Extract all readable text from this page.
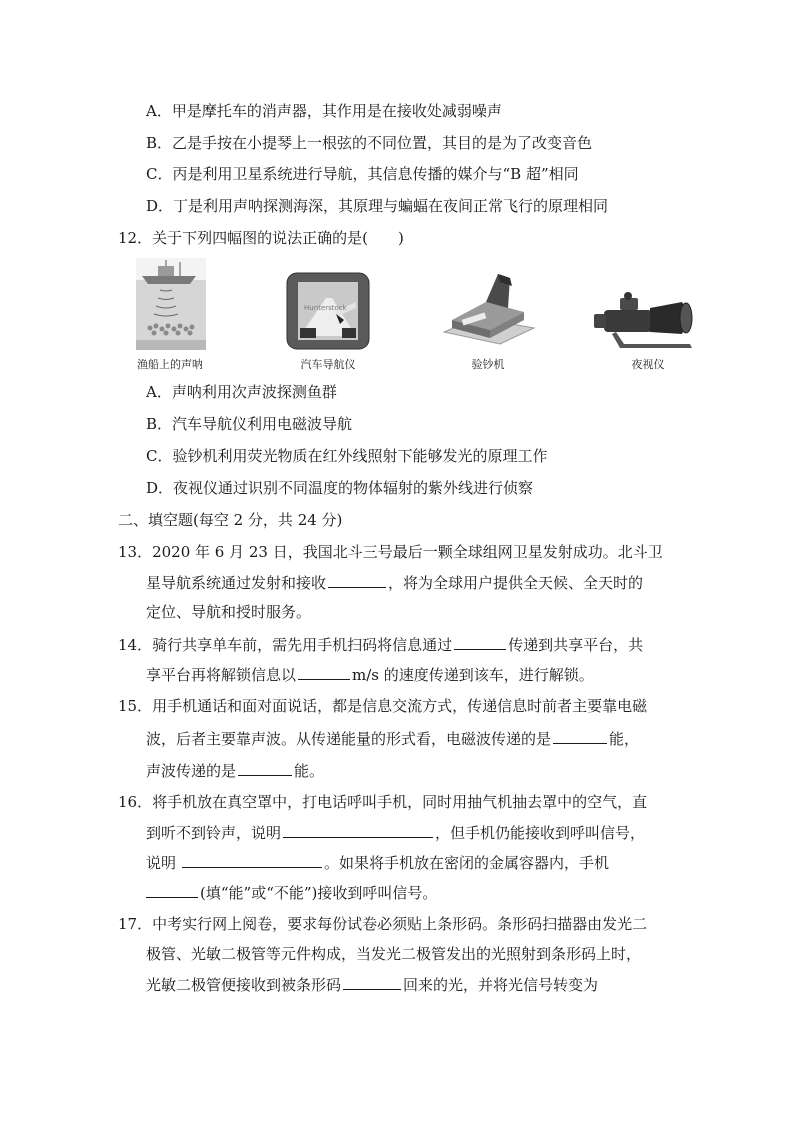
A．甲是摩托车的消声器，其作用是在接收处减弱噪声
B．乙是手按在小提琴上一根弦的不同位置，其目的是为了改变音色
C．丙是利用卫星系统进行导航，其信息传播的媒介与“B 超”相同
D．丁是利用声呐探测海深，其原理与蝙蝠在夜间正常飞行的原理相同
12．关于下列四幅图的说法正确的是(　　)
渔船上的声呐
Hunterstock
汽车导航仪	验钞机	夜视仪
A．声呐利用次声波探测鱼群
B．汽车导航仪利用电磁波导航
C．验钞机利用荧光物质在红外线照射下能够发光的原理工作
D．夜视仪通过识别不同温度的物体辐射的紫外线进行侦察
二、填空题(每空 2 分，共 24 分)
13．2020 年 6 月 23 日，我国北斗三号最后一颗全球组网卫星发射成功。北斗卫
星导航系统通过发射和接收	，将为全球用户提供全天候、全天时的
定位、导航和授时服务。
14．骑行共享单车前，需先用手机扫码将信息通过	传递到共享平台，共
享平台再将解锁信息以	m/s 的速度传递到该车，进行解锁。
15．用手机通话和面对面说话，都是信息交流方式，传递信息时前者主要靠电磁
波，后者主要靠声波。从传递能量的形式看，电磁波传递的是	能，
声波传递的是	能。
16．将手机放在真空罩中，打电话呼叫手机，同时用抽气机抽去罩中的空气，直
到听不到铃声，说明	，但手机仍能接收到呼叫信号，
说明	。如果将手机放在密闭的金属容器内，手机
(填“能”或“不能”)接收到呼叫信号。
17．中考实行网上阅卷，要求每份试卷必须贴上条形码。条形码扫描器由发光二
极管、光敏二极管等元件构成，当发光二极管发出的光照射到条形码上时，
光敏二极管便接收到被条形码	回来的光，并将光信号转变为
